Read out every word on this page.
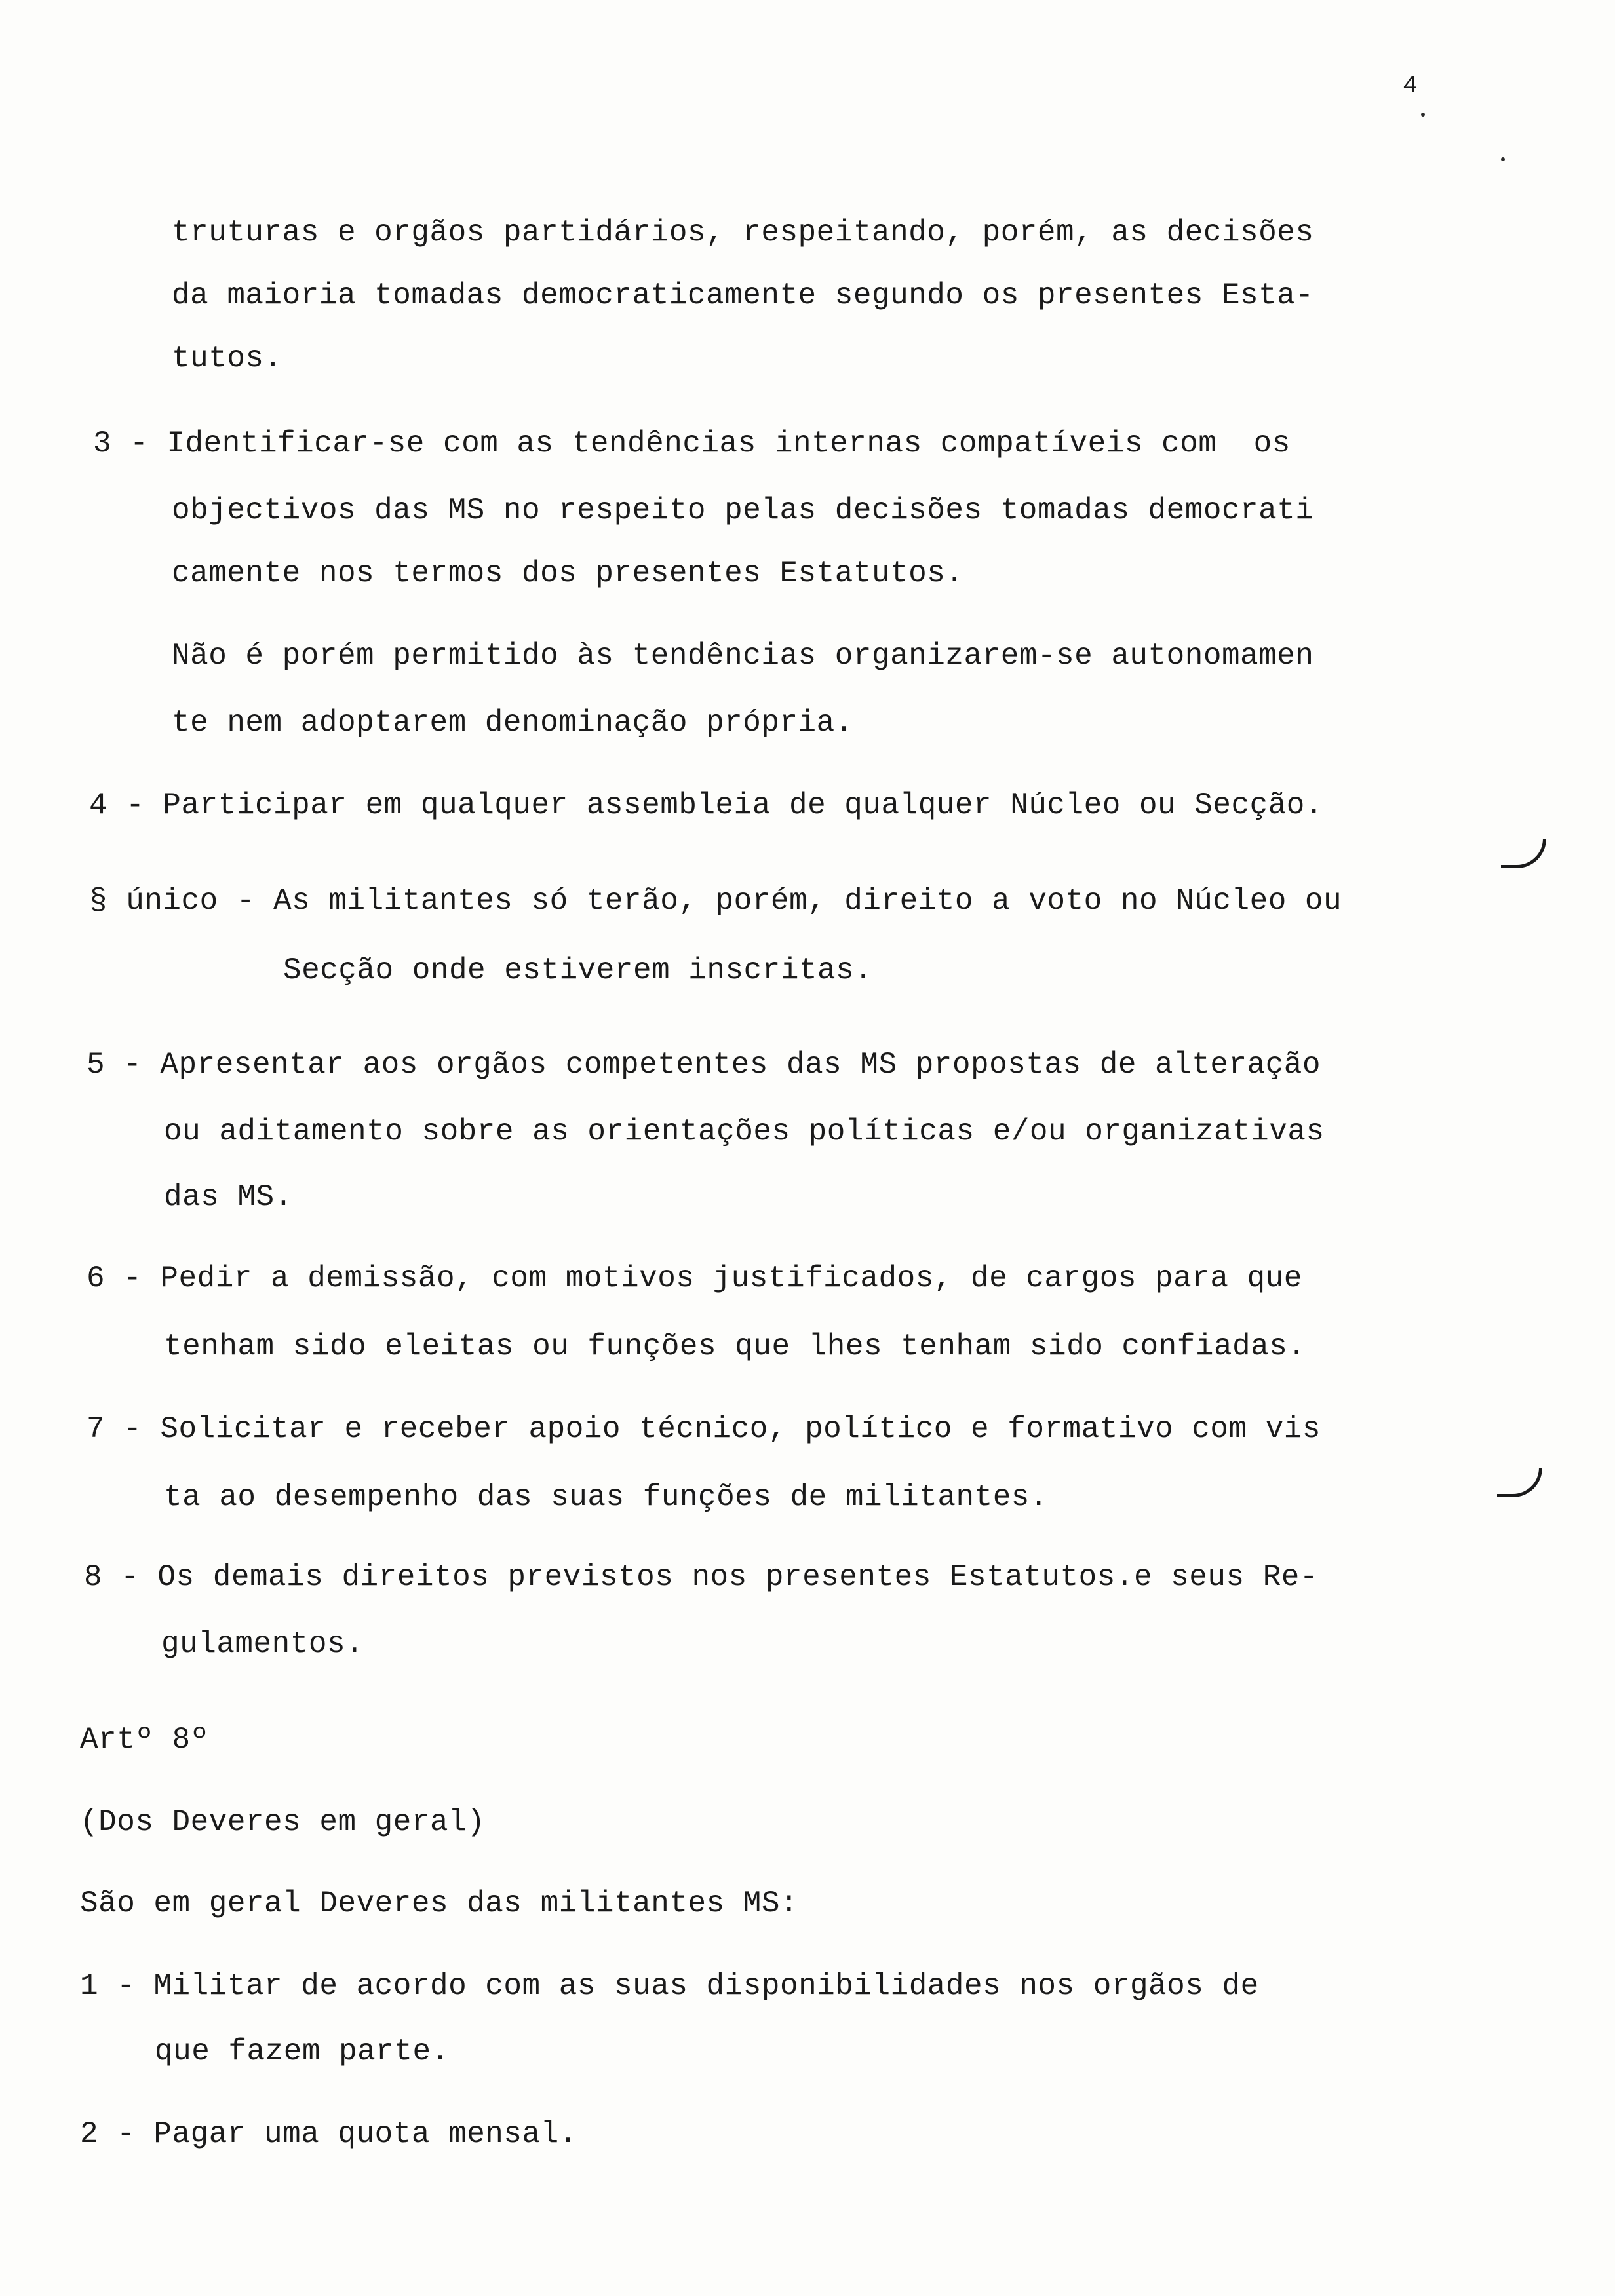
4
truturas e orgãos partidários, respeitando, porém, as decisões
da maioria tomadas democraticamente segundo os presentes Esta-
tutos.
3 - Identificar-se com as tendências internas compatíveis com  os
objectivos das MS no respeito pelas decisões tomadas democrati
camente nos termos dos presentes Estatutos.
Não é porém permitido às tendências organizarem-se autonomamen
te nem adoptarem denominação própria.
4 - Participar em qualquer assembleia de qualquer Núcleo ou Secção.
§ único - As militantes só terão, porém, direito a voto no Núcleo ou
Secção onde estiverem inscritas.
5 - Apresentar aos orgãos competentes das MS propostas de alteração
ou aditamento sobre as orientações políticas e/ou organizativas
das MS.
6 - Pedir a demissão, com motivos justificados, de cargos para que
tenham sido eleitas ou funções que lhes tenham sido confiadas.
7 - Solicitar e receber apoio técnico, político e formativo com vis
ta ao desempenho das suas funções de militantes.
8 - Os demais direitos previstos nos presentes Estatutos.e seus Re-
gulamentos.
Artº 8º
(Dos Deveres em geral)
São em geral Deveres das militantes MS:
1 - Militar de acordo com as suas disponibilidades nos orgãos de
que fazem parte.
2 - Pagar uma quota mensal.
